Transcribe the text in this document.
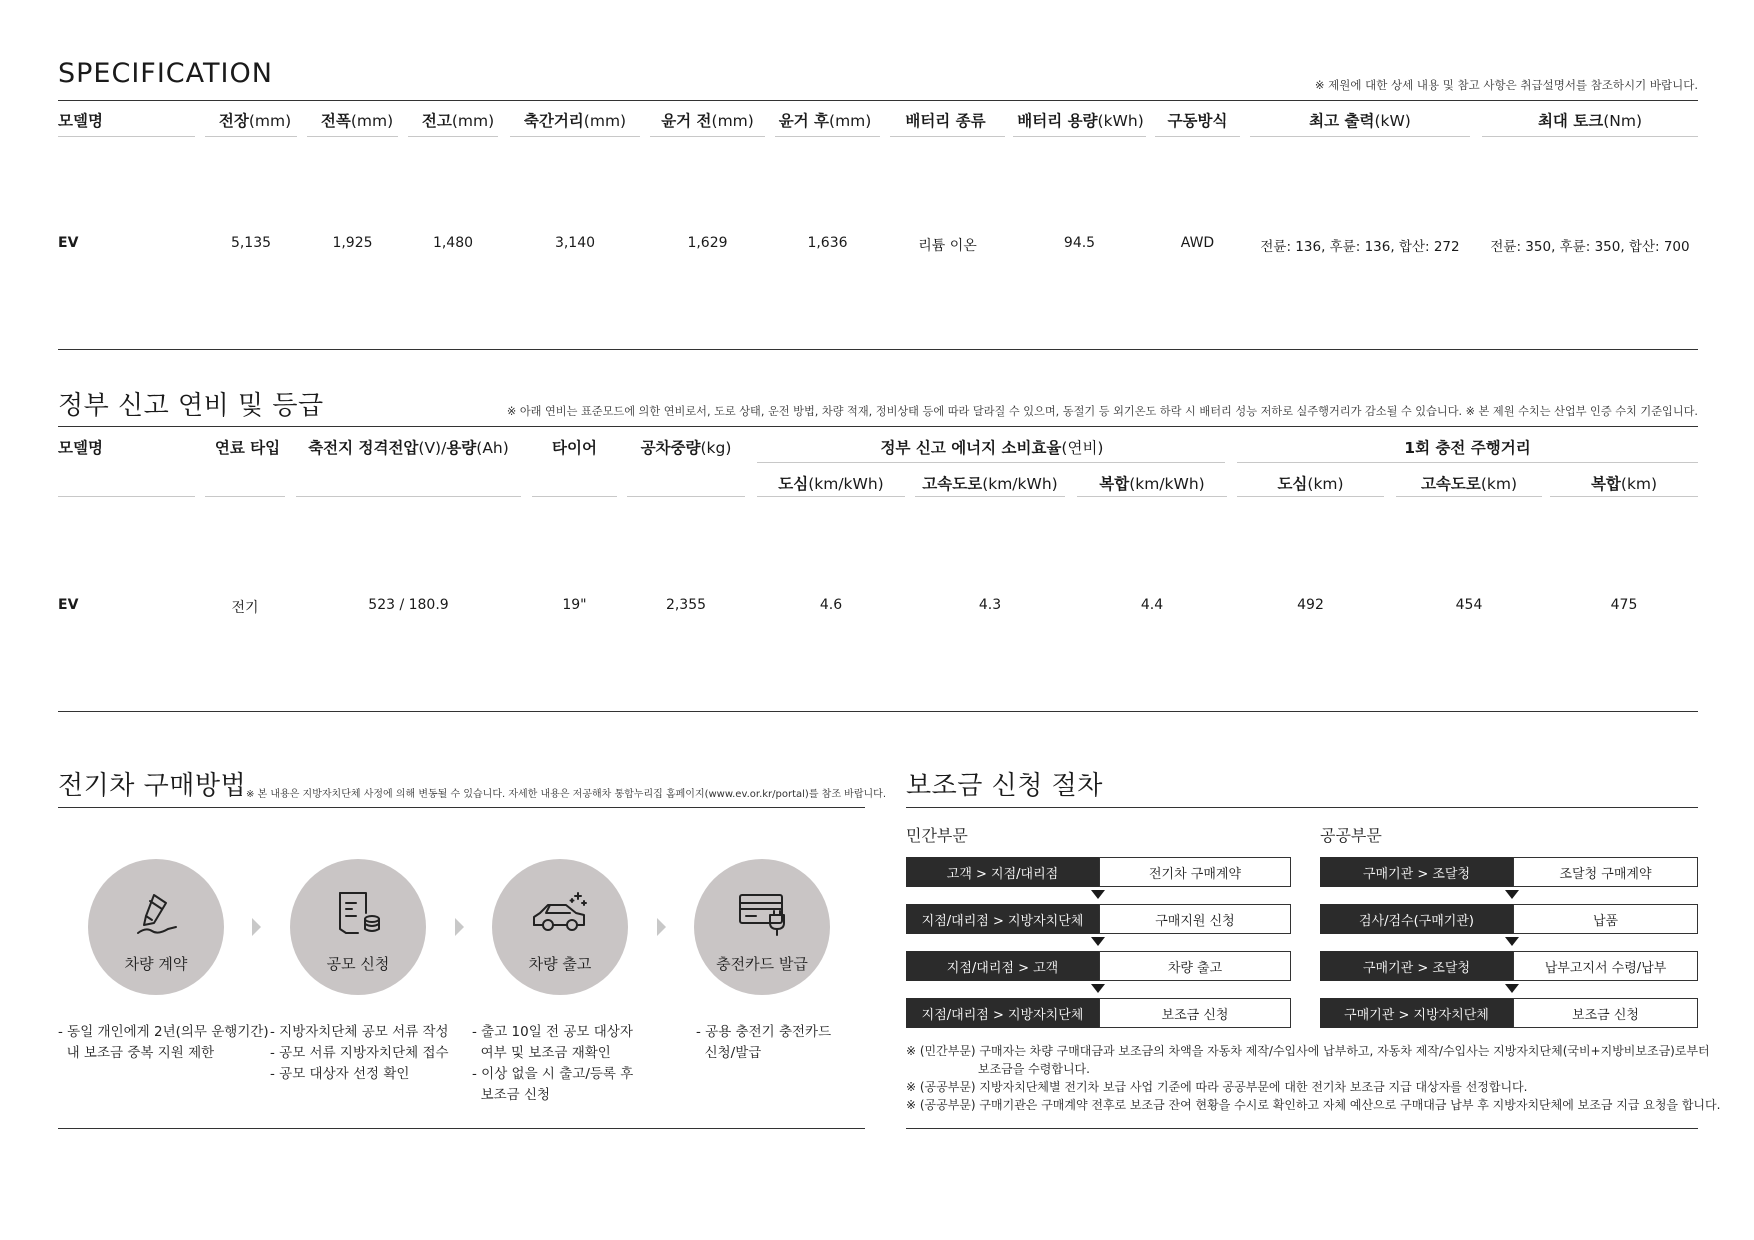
SPECIFICATION	※ 제원에 대한 상세 내용 및 참고 사항은 취급설명서를 참조하시기 바랍니다.
모델명	전장(mm)	전폭(mm)	전고(mm)	축간거리(mm)	윤거 전(mm)	윤거 후(mm)	배터리 종류	배터리 용량(kWh)	구동방식	최고 출력(kW)	최대 토크(Nm)
EV	5,135	1,925	1,480	3,140	1,629	1,636	리튬 이온	94.5	AWD	전륜: 136, 후륜: 136, 합산: 272	전륜: 350, 후륜: 350, 합산: 700
정부 신고 연비 및 등급	※ 아래 연비는 표준모드에 의한 연비로서, 도로 상태, 운전 방법, 차량 적재, 정비상태 등에 따라 달라질 수 있으며, 동절기 등 외기온도 하락 시 배터리 성능 저하로 실주행거리가 감소될 수 있습니다. ※ 본 제원 수치는 산업부 인증 수치 기준입니다.
모델명	연료 타입	축전지 정격전압(V)/용량(Ah)	타이어	공차중량(kg)	정부 신고 에너지 소비효율(연비)	1회 충전 주행거리
도심(km/kWh)	고속도로(km/kWh)	복합(km/kWh)	도심(km)	고속도로(km)	복합(km)
EV	전기	523 / 180.9	19"	2,355	4.6	4.3	4.4	492	454	475
전기차 구매방법 ※ 본 내용은 지방자치단체 사정에 의해 변동될 수 있습니다. 자세한 내용은 저공해차 통합누리집 홈페이지(www.ev.or.kr/portal)를 참조 바랍니다.
차량 계약	공모 신청	차량 출고	충전카드 발급
- 동일 개인에게 2년(의무 운행기간)
내 보조금 중복 지원 제한
- 지방자치단체 공모 서류 작성
- 공모 서류 지방자치단체 접수
- 공모 대상자 선정 확인
- 출고 10일 전 공모 대상자
여부 및 보조금 재확인
- 이상 없을 시 출고/등록 후
보조금 신청
- 공용 충전기 충전카드
신청/발급
보조금 신청 절차
민간부문	공공부문
고객 > 지점/대리점	전기차 구매계약
지점/대리점 > 지방자치단체	구매지원 신청
지점/대리점 > 고객	차량 출고
지점/대리점 > 지방자치단체	보조금 신청
구매기관 > 조달청	조달청 구매계약
검사/검수(구매기관)	납품
구매기관 > 조달청	납부고지서 수령/납부
구매기관 > 지방자치단체	보조금 신청
※ (민간부문) 구매자는 차량 구매대금과 보조금의 차액을 자동차 제작/수입사에 납부하고, 자동차 제작/수입사는 지방자치단체(국비+지방비보조금)로부터
보조금을 수령합니다.
※ (공공부문) 지방자치단체별 전기차 보급 사업 기준에 따라 공공부문에 대한 전기차 보조금 지급 대상자를 선정합니다.
※ (공공부문) 구매기관은 구매계약 전후로 보조금 잔여 현황을 수시로 확인하고 자체 예산으로 구매대금 납부 후 지방자치단체에 보조금 지급 요청을 합니다.
